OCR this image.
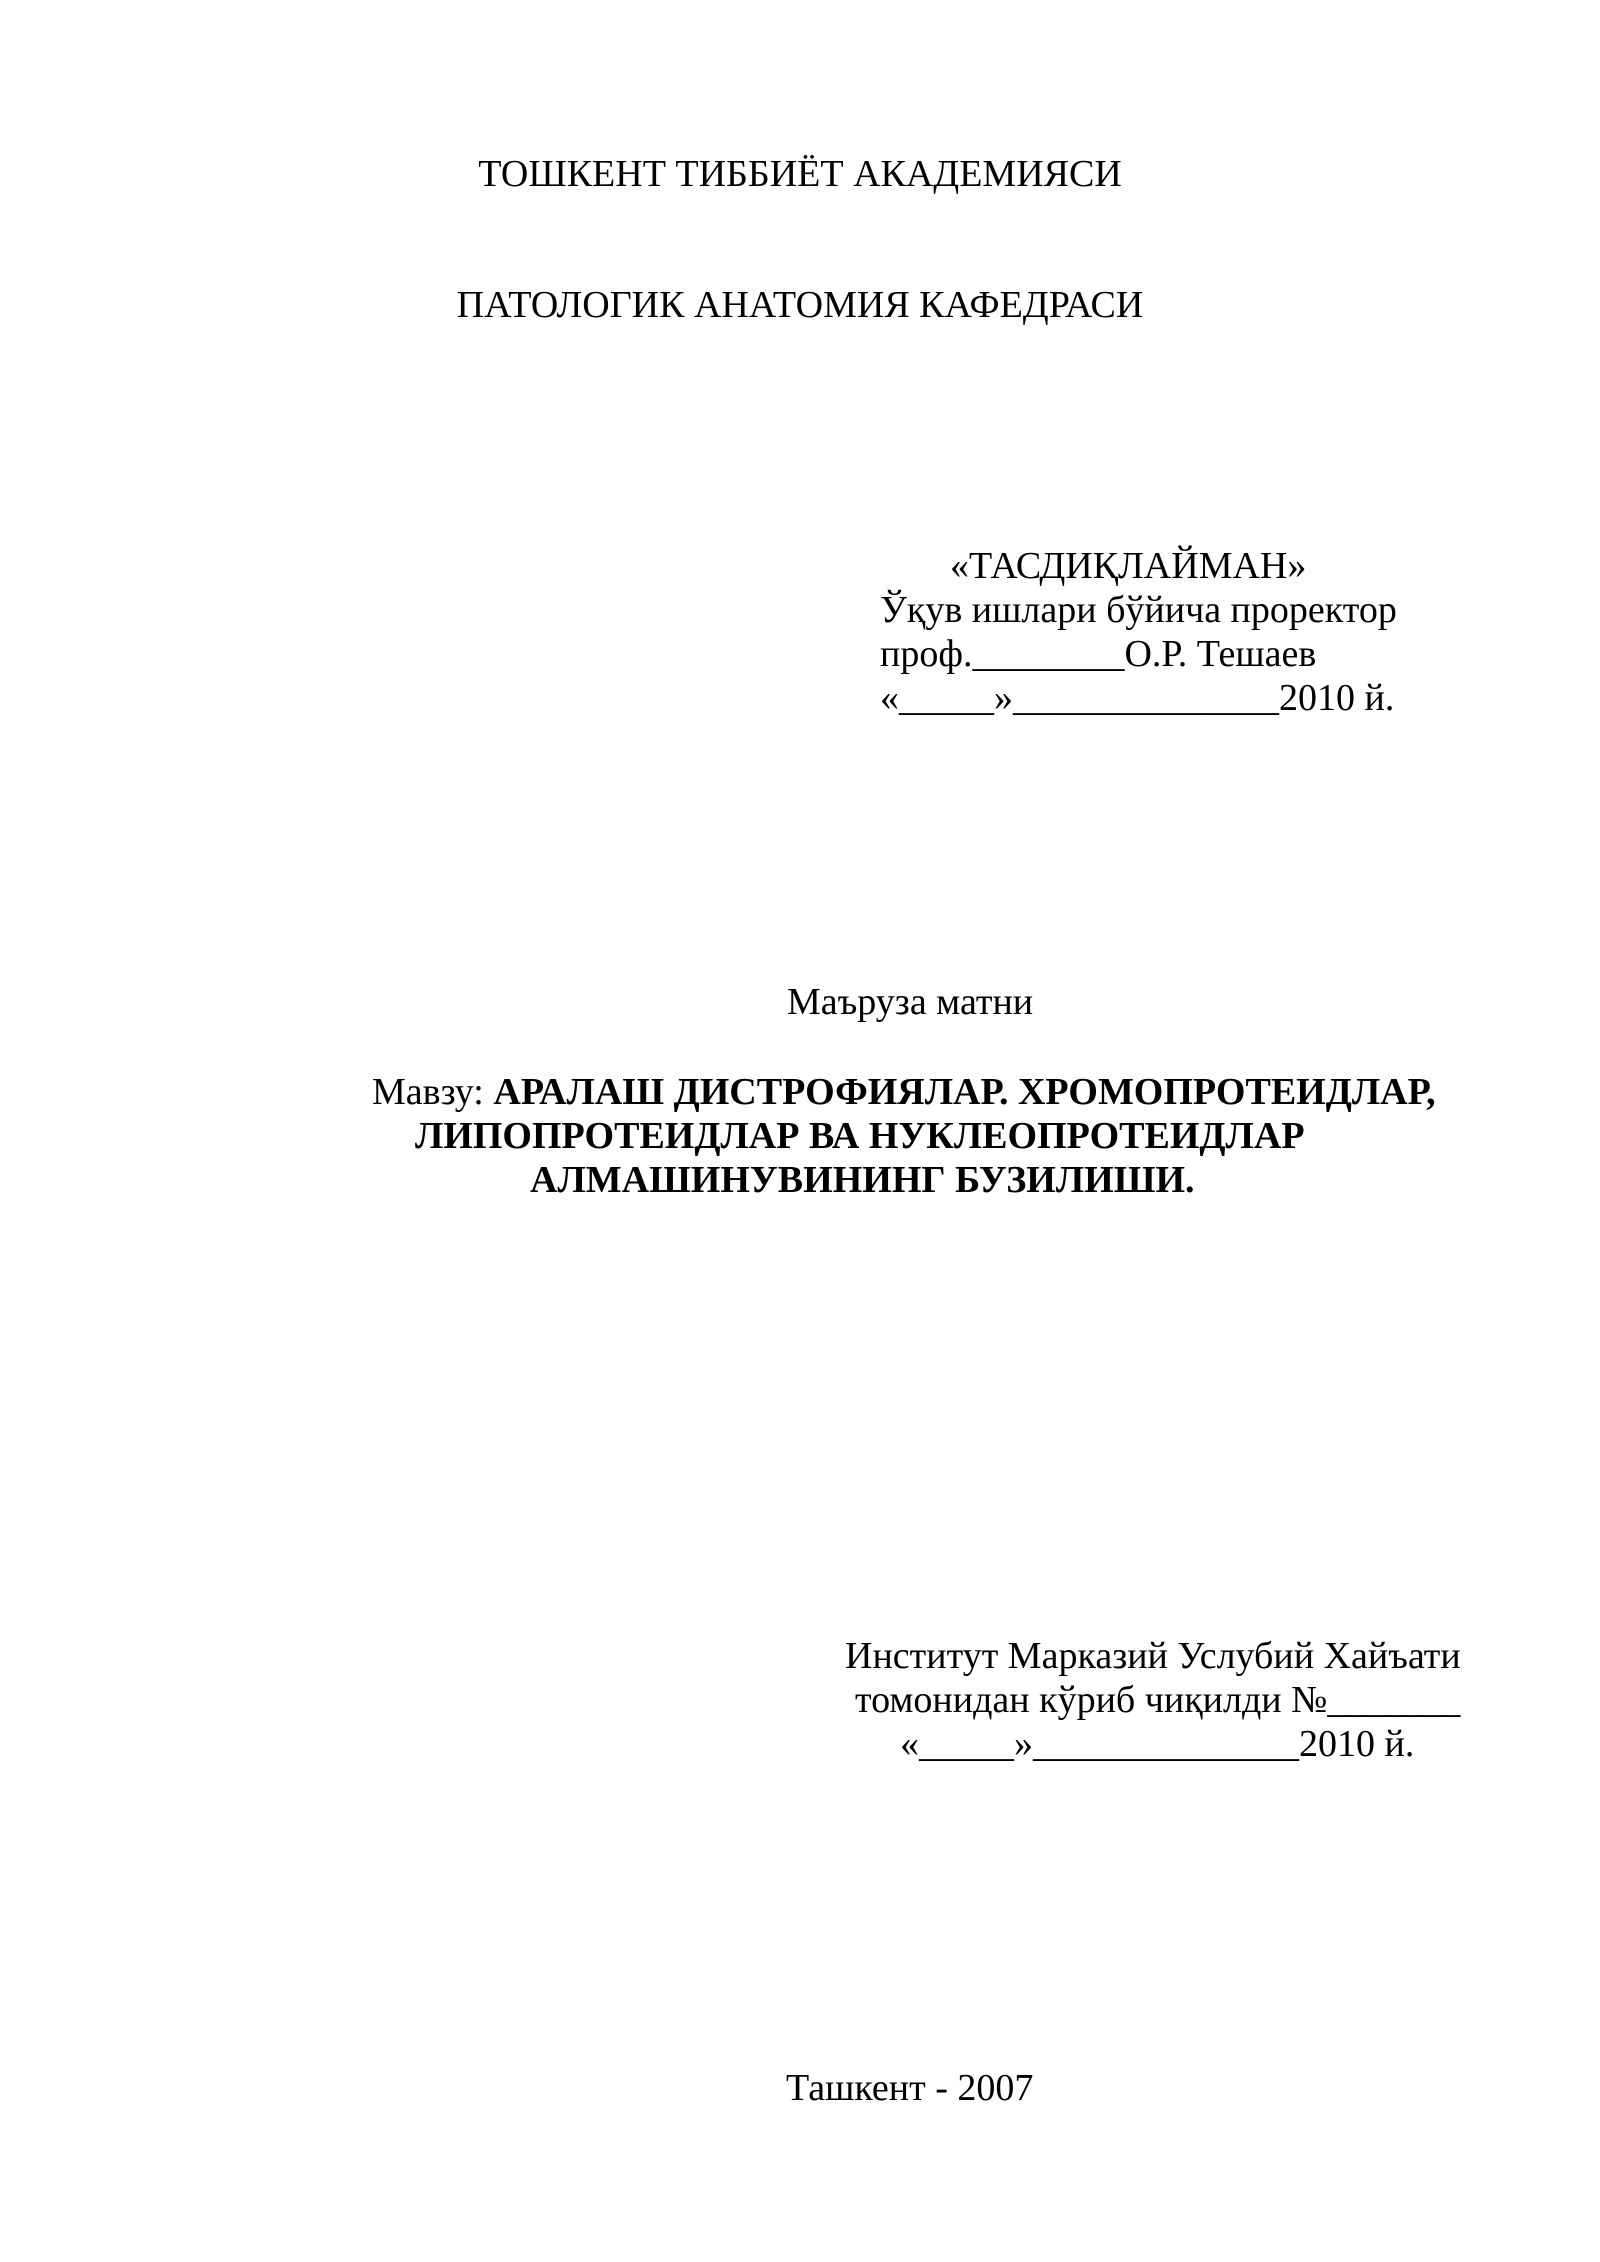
ТОШКЕНТ ТИББИЁТ АКАДЕМИЯСИ
ПАТОЛОГИК АНАТОМИЯ КАФЕДРАСИ
«ТАСДИҚЛАЙМАН»
Ўқув ишлари бўйича проректор
проф.________О.Р. Тешаев
«_____»______________2010 й.
Маъруза матни
Мавзу: АРАЛАШ ДИСТРОФИЯЛАР. ХРОМОПРОТЕИДЛАР,
ЛИПОПРОТЕИДЛАР ВА НУКЛЕОПРОТЕИДЛАР
АЛМАШИНУВИНИНГ БУЗИЛИШИ.
Институт Марказий Услубий Хайъати
томонидан кўриб чиқилди №_______
«_____»______________2010 й.
Ташкент - 2007
